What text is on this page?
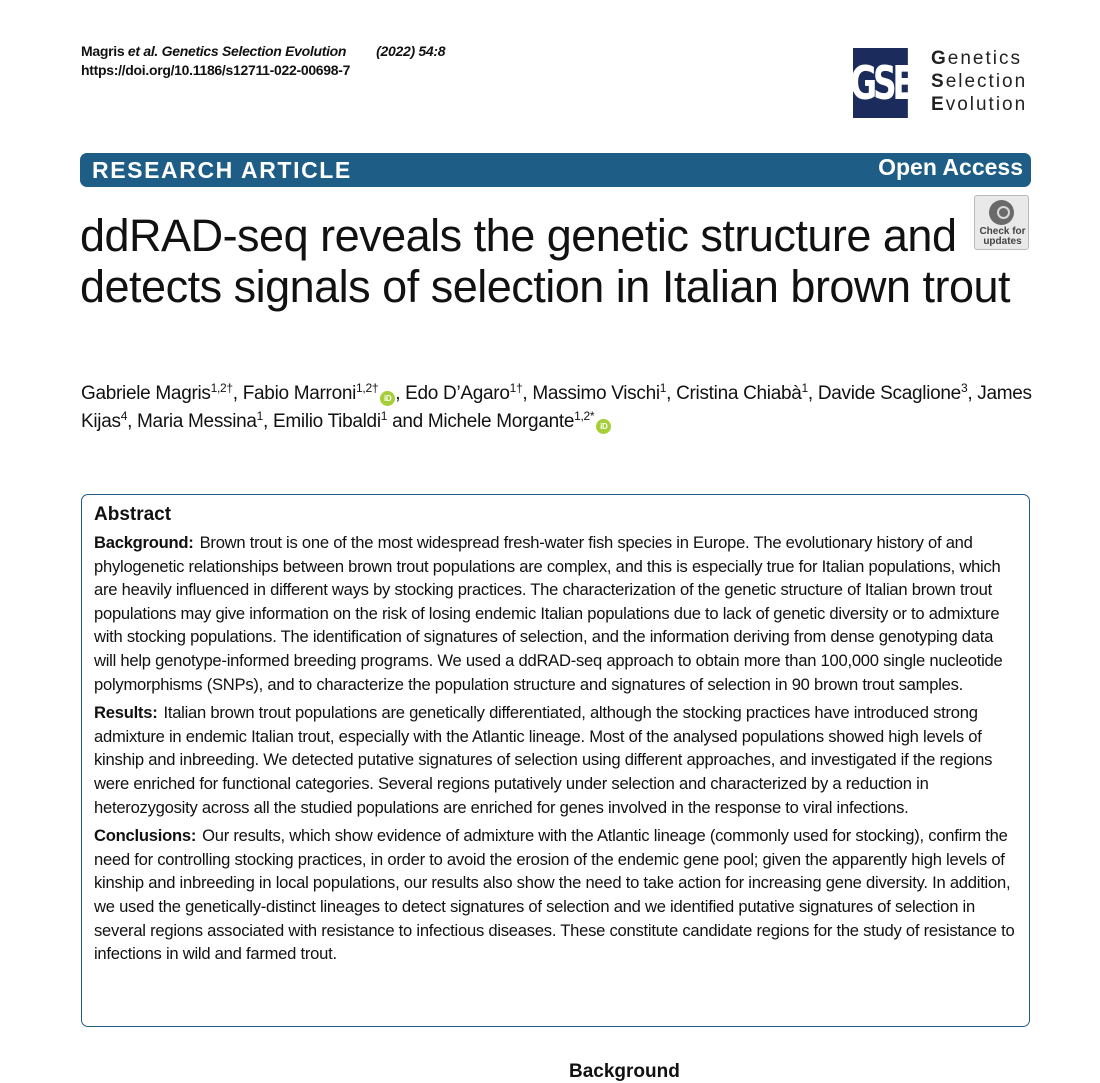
Magris et al. Genetics Selection Evolution (2022) 54:8
https://doi.org/10.1186/s12711-022-00698-7	GSE Genetics
Selection
Evolution
RESEARCH ARTICLE	Open Access
Check for
updates
ddRAD-seq reveals the genetic structure and detects signals of selection in Italian brown trout
Gabriele Magris$^{1,2\dagger}$, Fabio Marroni$^{1,2\dagger}$iD , Edo D’Agaro$^{1\dagger}$, Massimo Vischi$^1$, Cristina Chiabà$^1$, Davide Scaglione$^3$, James Kijas$^4$, Maria Messina$^1$, Emilio Tibaldi$^1$ and Michele Morgante$^{1,2*}$iD
Abstract

Background: Brown trout is one of the most widespread fresh-water fish species in Europe. The evolutionary history of and phylogenetic relationships between brown trout populations are complex, and this is especially true for Italian populations, which are heavily influenced in different ways by stocking practices. The characterization of the genetic structure of Italian brown trout populations may give information on the risk of losing endemic Italian populations due to lack of genetic diversity or to admixture with stocking populations. The identification of signatures of selection, and the information deriving from dense genotyping data will help genotype-informed breeding programs. We used a ddRAD-seq approach to obtain more than 100,000 single nucleotide polymorphisms (SNPs), and to characterize the population structure and signatures of selection in 90 brown trout samples.

Results: Italian brown trout populations are genetically differentiated, although the stocking practices have introduced strong admixture in endemic Italian trout, especially with the Atlantic lineage. Most of the analysed populations showed high levels of kinship and inbreeding. We detected putative signatures of selection using different approaches, and investigated if the regions were enriched for functional categories. Several regions putatively under selection and characterized by a reduction in heterozygosity across all the studied populations are enriched for genes involved in the response to viral infections.

Conclusions: Our results, which show evidence of admixture with the Atlantic lineage (commonly used for stocking), confirm the need for controlling stocking practices, in order to avoid the erosion of the endemic gene pool; given the apparently high levels of kinship and inbreeding in local populations, our results also show the need to take action for increasing gene diversity. In addition, we used the genetically-distinct lineages to detect signatures of selection and we identified putative signatures of selection in several regions associated with resistance to infectious diseases. These constitute candidate regions for the study of resistance to infections in wild and farmed trout.

Background
